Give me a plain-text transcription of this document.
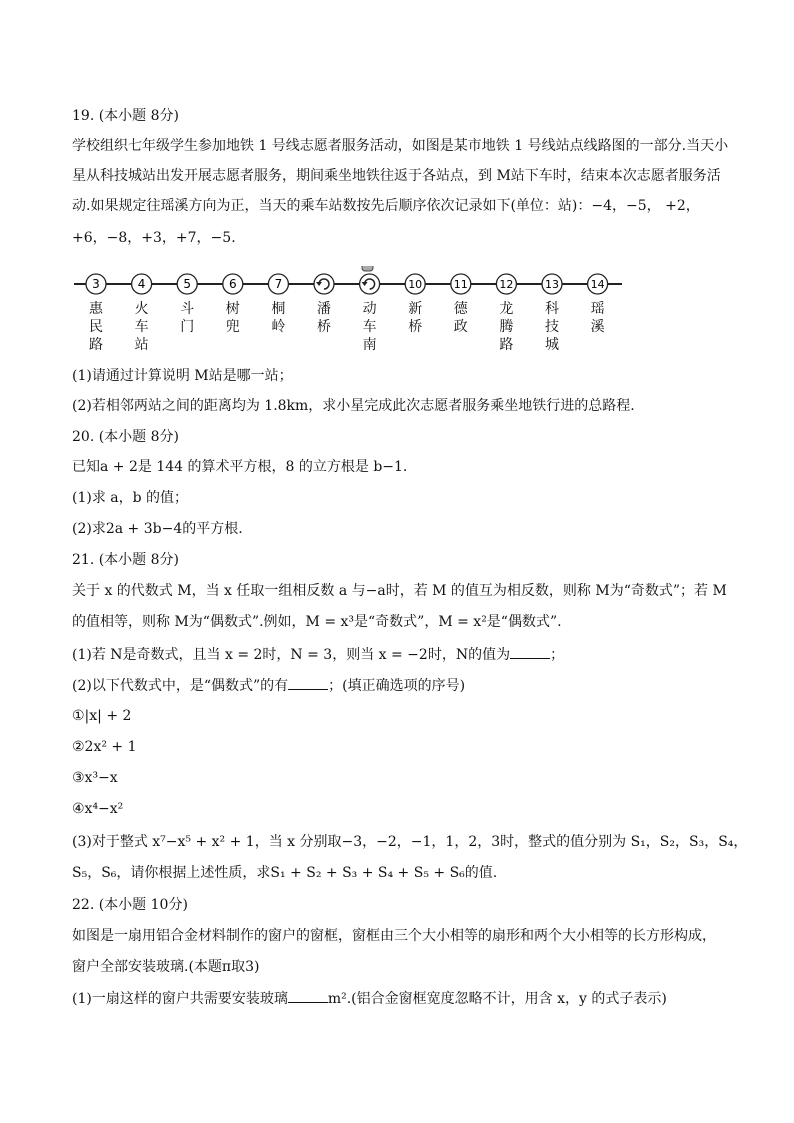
19. (本小题 8分)
学校组织七年级学生参加地铁 1 号线志愿者服务活动，如图是某市地铁 1 号线站点线路图的一部分.当天小
星从科技城站出发开展志愿者服务，期间乘坐地铁往返于各站点，到 M站下车时，结束本次志愿者服务活
动.如果规定往瑶溪方向为正，当天的乘车站数按先后顺序依次记录如下(单位：站)：−4，−5， +2，
+6，−8，+3，+7，−5.
3	4	5	6	7	10	11	12	13	14
惠
民
路
火
车
站
斗
门
树
兜
桐
岭
潘
桥
动
车
南
新
桥
德
政
龙
腾
路
科
技
城
瑶
溪
(1)请通过计算说明 M站是哪一站；
(2)若相邻两站之间的距离均为 1.8km，求小星完成此次志愿者服务乘坐地铁行进的总路程.
20. (本小题 8分)
已知a + 2是 144 的算术平方根，8 的立方根是 b−1.
(1)求 a，b 的值；
(2)求2a + 3b−4的平方根.
21. (本小题 8分)
关于 x 的代数式 M，当 x 任取一组相反数 a 与−a时，若 M 的值互为相反数，则称 M为“奇数式”；若 M
的值相等，则称 M为“偶数式”.例如，M = x³是“奇数式”，M = x²是“偶数式”.
(1)若 N是奇数式，且当 x = 2时，N = 3，则当 x = −2时，N的值为	；
(2)以下代数式中，是“偶数式”的有	；(填正确选项的序号)
①|x| + 2
②2x² + 1
③x³−x
④x⁴−x²
(3)对于整式 x⁷−x⁵ + x² + 1，当 x 分别取−3，−2，−1，1，2，3时，整式的值分别为 S₁，S₂，S₃，S₄，
S₅，S₆，请你根据上述性质，求S₁ + S₂ + S₃ + S₄ + S₅ + S₆的值.
22. (本小题 10分)
如图是一扇用铝合金材料制作的窗户的窗框，窗框由三个大小相等的扇形和两个大小相等的长方形构成，
窗户全部安装玻璃.(本题π取3)
(1)一扇这样的窗户共需要安装玻璃	m².(铝合金窗框宽度忽略不计，用含 x，y 的式子表示)
